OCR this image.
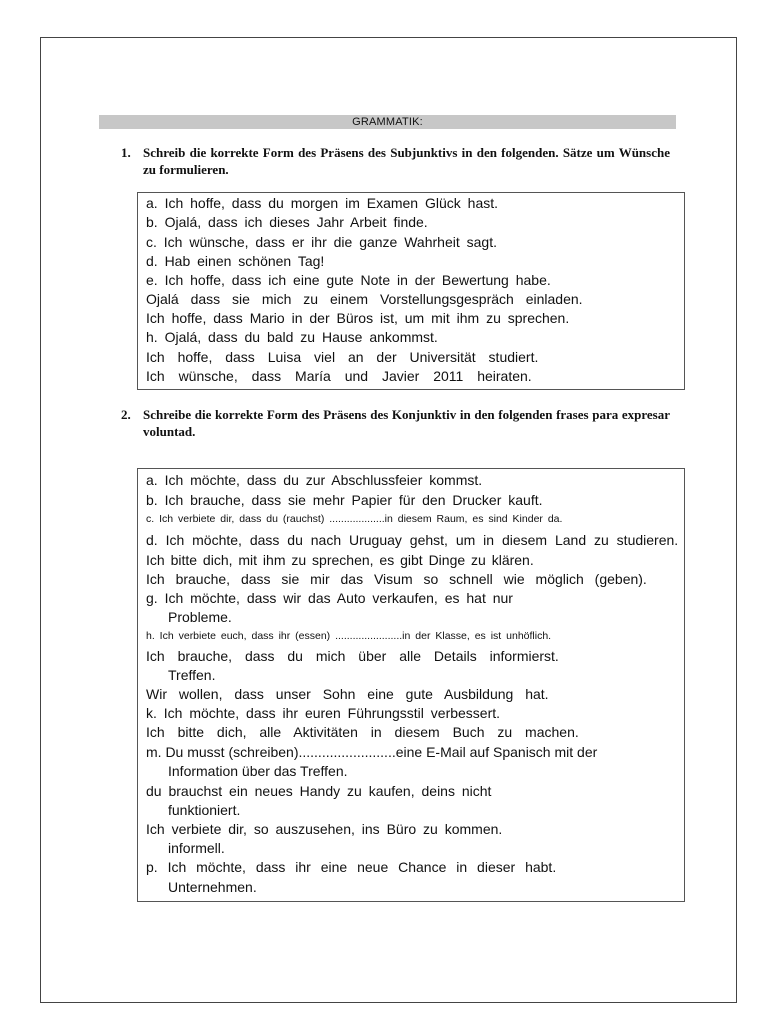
GRAMMATIK:
1. Schreib die korrekte Form des Präsens des Subjunktivs in den folgenden. Sätze um Wünsche zu formulieren.
a. Ich hoffe, dass du morgen im Examen Glück hast.
b. Ojalá, dass ich dieses Jahr Arbeit finde.
c. Ich wünsche, dass er ihr die ganze Wahrheit sagt.
d. Hab einen schönen Tag!
e. Ich hoffe, dass ich eine gute Note in der Bewertung habe.
Ojalá dass sie mich zu einem Vorstellungsgespräch einladen.
Ich hoffe, dass Mario in der Büros ist, um mit ihm zu sprechen.
h. Ojalá, dass du bald zu Hause ankommst.
Ich hoffe, dass Luisa viel an der Universität studiert.
Ich wünsche, dass María und Javier 2011 heiraten.
2. Schreibe die korrekte Form des Präsens des Konjunktiv in den folgenden frases para expresar voluntad.
a. Ich möchte, dass du zur Abschlussfeier kommst.
b. Ich brauche, dass sie mehr Papier für den Drucker kauft.
c. Ich verbiete dir, dass du (rauchst) ...................in diesem Raum, es sind Kinder da.
d. Ich möchte, dass du nach Uruguay gehst, um in diesem Land zu studieren.
Ich bitte dich, mit ihm zu sprechen, es gibt Dinge zu klären.
Ich brauche, dass sie mir das Visum so schnell wie möglich (geben).
g. Ich möchte, dass wir das Auto verkaufen, es hat nur
Probleme.
h. Ich verbiete euch, dass ihr (essen) .......................in der Klasse, es ist unhöflich.
Ich brauche, dass du mich über alle Details informierst.
Treffen.
Wir wollen, dass unser Sohn eine gute Ausbildung hat.
k. Ich möchte, dass ihr euren Führungsstil verbessert.
Ich bitte dich, alle Aktivitäten in diesem Buch zu machen.
m. Du musst (schreiben).........................eine E-Mail auf Spanisch mit der
Information über das Treffen.
du brauchst ein neues Handy zu kaufen, deins nicht
funktioniert.
Ich verbiete dir, so auszusehen, ins Büro zu kommen.
informell.
p. Ich möchte, dass ihr eine neue Chance in dieser habt.
Unternehmen.
